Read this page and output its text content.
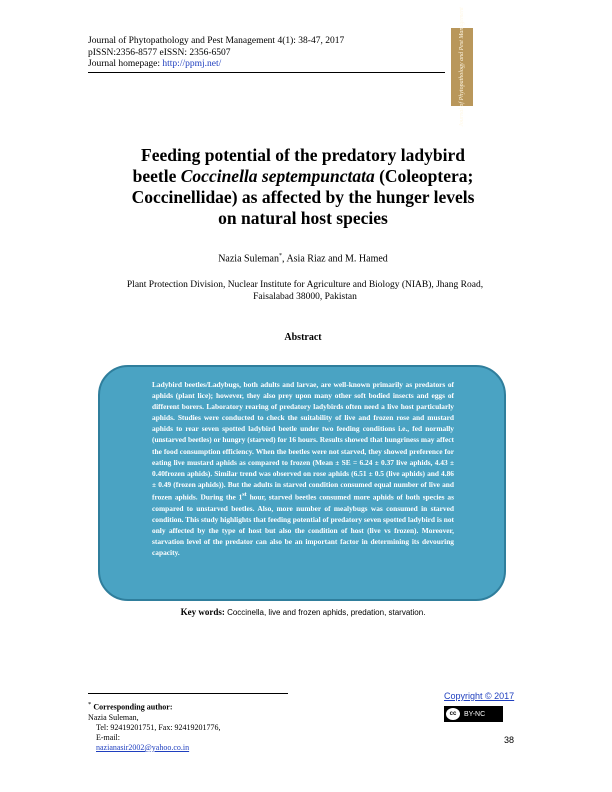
Journal of Phytopathology and Pest Management 4(1): 38-47, 2017
pISSN:2356-8577 eISSN: 2356-6507
Journal homepage: http://ppmj.net/	Journal of Phytopathology and Pest Management
Feeding potential of the predatory ladybird
beetle Coccinella septempunctata (Coleoptera;
Coccinellidae) as affected by the hunger levels

on natural host species
Nazia Suleman*, Asia Riaz and M. Hamed
Plant Protection Division, Nuclear Institute for Agriculture and Biology (NIAB), Jhang Road,
Faisalabad 38000, Pakistan
Abstract

Ladybird beetles/Ladybugs, both adults and larvae, are well-known primarily as predators of aphids (plant lice); however, they also prey upon many other soft bodied insects and eggs of different borers. Laboratory rearing of predatory ladybirds often need a live host particularly aphids. Studies were conducted to check the suitability of live and frozen rose and mustard aphids to rear seven spotted ladybird beetle under two feeding conditions i.e., fed normally (unstarved beetles) or hungry (starved) for 16 hours. Results showed that hungriness may affect the food consumption efficiency. When the beetles were not starved, they showed preference for eating live mustard aphids as compared to frozen (Mean ± SE = 6.24 ± 0.37 live aphids, 4.43 ± 0.40frozen aphids). Similar trend was observed on rose aphids (6.51 ± 0.5 (live aphids) and 4.86 ± 0.49 (frozen aphids)). But the adults in starved condition consumed equal number of live and frozen aphids. During the 1st hour, starved beetles consumed more aphids of both species as compared to unstarved beetles. Also, more number of mealybugs was consumed in starved condition. This study highlights that feeding potential of predatory seven spotted ladybird is not only affected by the type of host but also the condition of host (live vs frozen). Moreover, starvation level of the predator can also be an important factor in determining its devouring capacity.

Key words: Coccinella, live and frozen aphids, predation, starvation.
* Corresponding author:
Nazia Suleman,
Tel: 92419201751, Fax: 92419201776,
E-mail:
nazianasir2002@yahoo.co.in
Copyright © 2017
cc	BY-NC
38
